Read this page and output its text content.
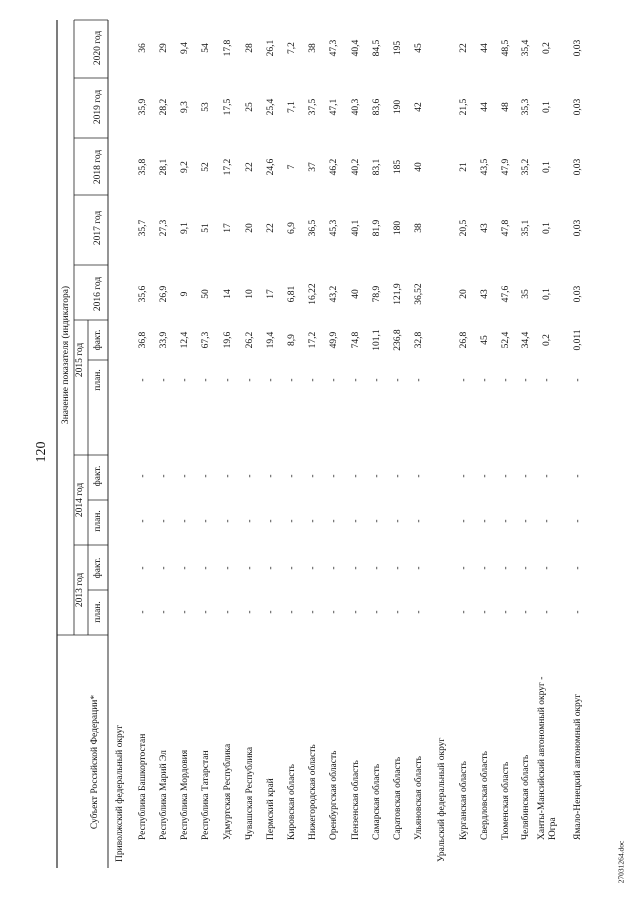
120
27031264.doc
Субъект Российской Федерации*
Значение показателя (индикатора)
2013 год
2014 год
2015 год
2016 год
2017 год
2018 год
2019 год
2020 год
план.
факт.
план.
факт.
план.
факт.
Приволжский федеральный округ Республика Башкортостан
-
-
-
-
-
36,8
35,6
35,7
35,8
35,9
36
Республика Марий Эл
-
-
-
-
-
33,9
26,9
27,3
28,1
28,2
29
Республика Мордовия
-
-
-
-
-
12,4
9
9,1
9,2
9,3
9,4
Республика Татарстан
-
-
-
-
-
67,3
50
51
52
53
54
Удмуртская Республика
-
-
-
-
-
19,6
14
17
17,2
17,5
17,8
Чувашская Республика
-
-
-
-
-
26,2
10
20
22
25
28
Пермский край
-
-
-
-
-
19,4
17
22
24,6
25,4
26,1
Кировская область
-
-
-
-
-
8,9
6,81
6,9
7
7,1
7,2
Нижегородская область
-
-
-
-
-
17,2
16,22
36,5
37
37,5
38
Оренбургская область
-
-
-
-
-
49,9
43,2
45,3
46,2
47,1
47,3
Пензенская область
-
-
-
-
-
74,8
40
40,1
40,2
40,3
40,4
Самарская область
-
-
-
-
-
101,1
78,9
81,9
83,1
83,6
84,5
Саратовская область
-
-
-
-
-
236,8
121,9
180
185
190
195
Ульяновская область
-
-
-
-
-
32,8
36,52
38
40
42
45
Уральский федеральный округ Курганская область
-
-
-
-
-
26,8
20
20,5
21
21,5
22
Свердловская область
-
-
-
-
-
45
43
43
43,5
44
44
Тюменская область
-
-
-
-
-
52,4
47,6
47,8
47,9
48
48,5
Челябинская область
-
-
-
-
-
34,4
35
35,1
35,2
35,3
35,4
Ханты-Мансийский автономный округ - Югра
-
-
-
-
-
0,2
0,1
0,1
0,1
0,1
0,2
Ямало-Ненецкий автономный округ
-
-
-
-
-
0,011
0,03
0,03
0,03
0,03
0,03
